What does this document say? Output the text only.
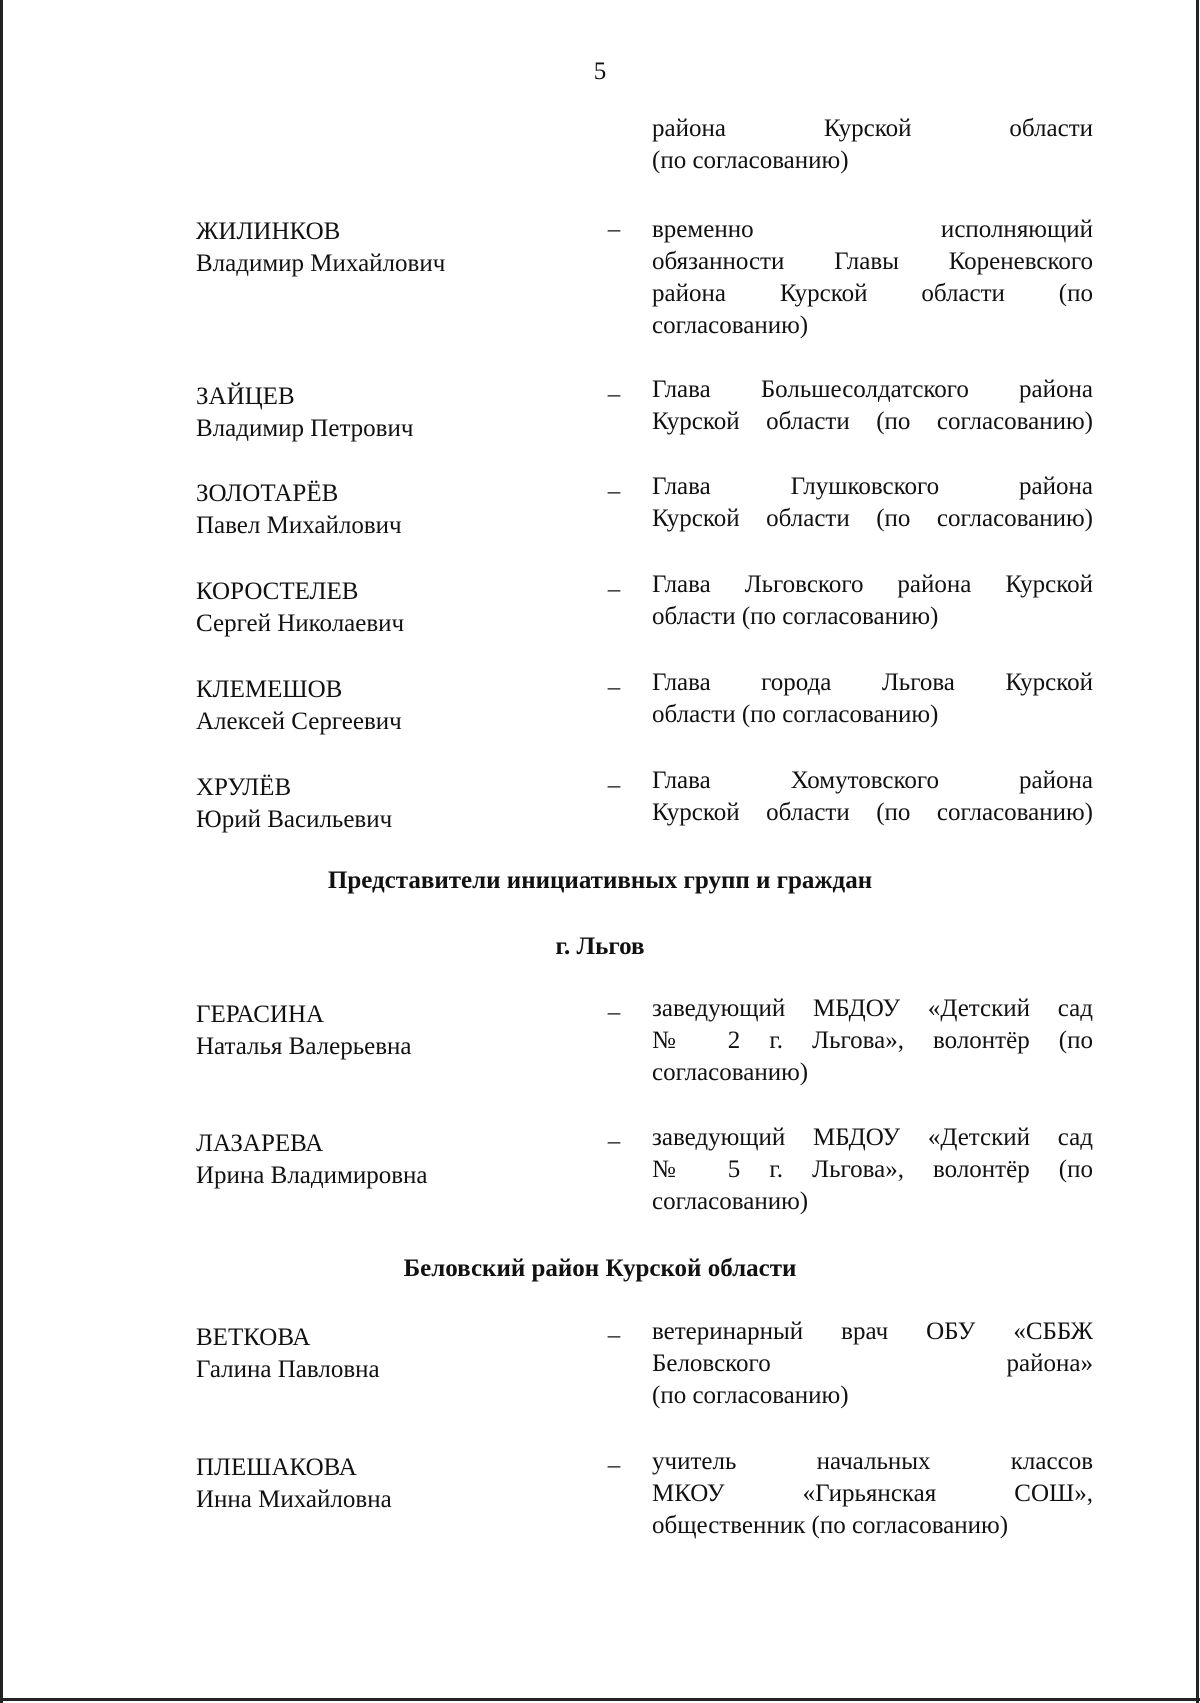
5
района Курской области
(по согласованию)
ЖИЛИНКОВ
Владимир Михайлович
– временно исполняющий
обязанности Главы Кореневского
района Курской области (по
согласованию)
ЗАЙЦЕВ
Владимир Петрович
– Глава Большесолдатского района
Курской области (по согласованию)
ЗОЛОТАРЁВ
Павел Михайлович
– Глава Глушковского района
Курской области (по согласованию)
КОРОСТЕЛЕВ
Сергей Николаевич
– Глава Льговского района Курской
области (по согласованию)
КЛЕМЕШОВ
Алексей Сергеевич
– Глава города Льгова Курской
области (по согласованию)
ХРУЛЁВ
Юрий Васильевич
– Глава Хомутовского района
Курской области (по согласованию)
Представители инициативных групп и граждан
г. Льгов
ГЕРАСИНА
Наталья Валерьевна
– заведующий МБДОУ «Детский сад
№ 2 г. Льгова», волонтёр (по
согласованию)
ЛАЗАРЕВА
Ирина Владимировна
– заведующий МБДОУ «Детский сад
№ 5 г. Льгова», волонтёр (по
согласованию)
Беловский район Курской области
ВЕТКОВА
Галина Павловна
– ветеринарный врач ОБУ «СББЖ
Беловского района»
(по согласованию)
ПЛЕШАКОВА
Инна Михайловна
– учитель начальных классов
МКОУ «Гирьянская СОШ»,
общественник (по согласованию)
